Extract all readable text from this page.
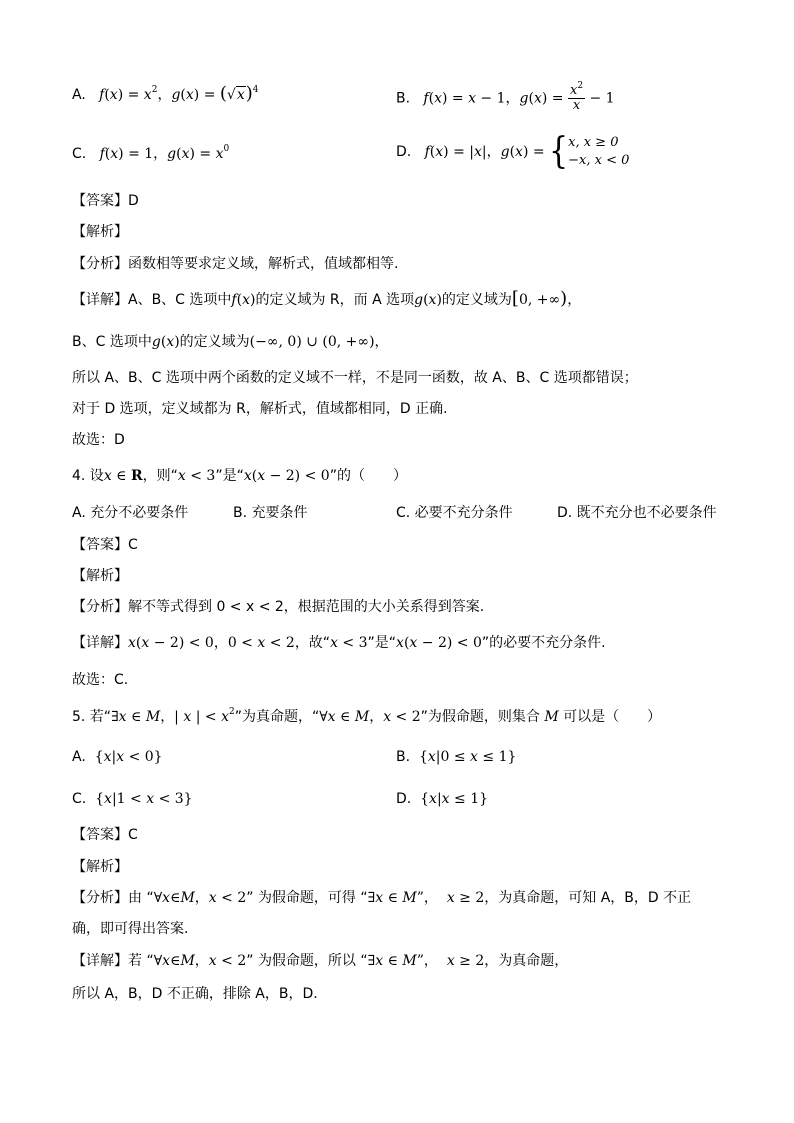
A.   $f(x) = x^2$，$g(x) = (√x)^4$
B.   f(x) = x − 1，$g(x) = \frac{x^2}{x} - 1$
C.   f(x) = 1，$g(x) = x^0$	D.   f(x) = |x|，g(x) = { x, x ≥ 0
−x, x < 0
【答案】D
【解析】
【分析】函数相等要求定义域，解析式，值域都相等.
【详解】A、B、C 选项中f(x)的定义域为 R，而 A 选项g(x)的定义域为[0, +∞)，
B、C 选项中g(x)的定义域为(−∞, 0) ∪ (0, +∞)，
所以 A、B、C 选项中两个函数的定义域不一样，不是同一函数，故 A、B、C 选项都错误；
对于 D 选项，定义域都为 R，解析式，值域都相同，D 正确.
故选：D
4. 设x ∈ R，则“x < 3”是“x(x − 2) < 0”的（　　）
A. 充分不必要条件	B. 充要条件	C. 必要不充分条件	D. 既不充分也不必要条件
【答案】C
【解析】
【分析】解不等式得到 0 < x < 2，根据范围的大小关系得到答案.
【详解】x(x − 2) < 0，0 < x < 2，故“x < 3”是“x(x − 2) < 0”的必要不充分条件.
故选：C.
5. 若“∃x ∈ M，| x | < $x^2$”为真命题，“∀x ∈ M，x < 2”为假命题，则集合 M 可以是（　　）
A.  {x|x < 0}	B.  {x|0 ≤ x ≤ 1}
C.  {x|1 < x < 3}	D.  {x|x ≤ 1}
【答案】C
【解析】
【分析】由 “∀x∈M，x < 2” 为假命题，可得 “∃x ∈ M”，  x ≥ 2，为真命题，可知 A，B，D 不正
确，即可得出答案.
【详解】若 “∀x∈M，x < 2” 为假命题，所以 “∃x ∈ M”，  x ≥ 2，为真命题，
所以 A，B，D 不正确，排除 A，B，D.
